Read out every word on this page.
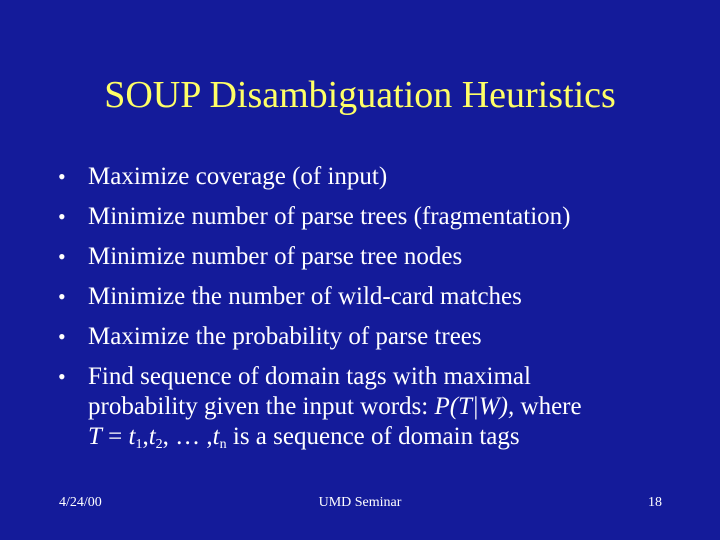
SOUP Disambiguation Heuristics
• Maximize coverage (of input)
• Minimize number of parse trees (fragmentation)
• Minimize number of parse tree nodes
• Minimize the number of wild-card matches
• Maximize the probability of parse trees
• Find sequence of domain tags with maximal
probability given the input words: P(T|W), where
$T = t_1,t_2$, … $,t_n$ is a sequence of domain tags
4/24/00	UMD Seminar	18
